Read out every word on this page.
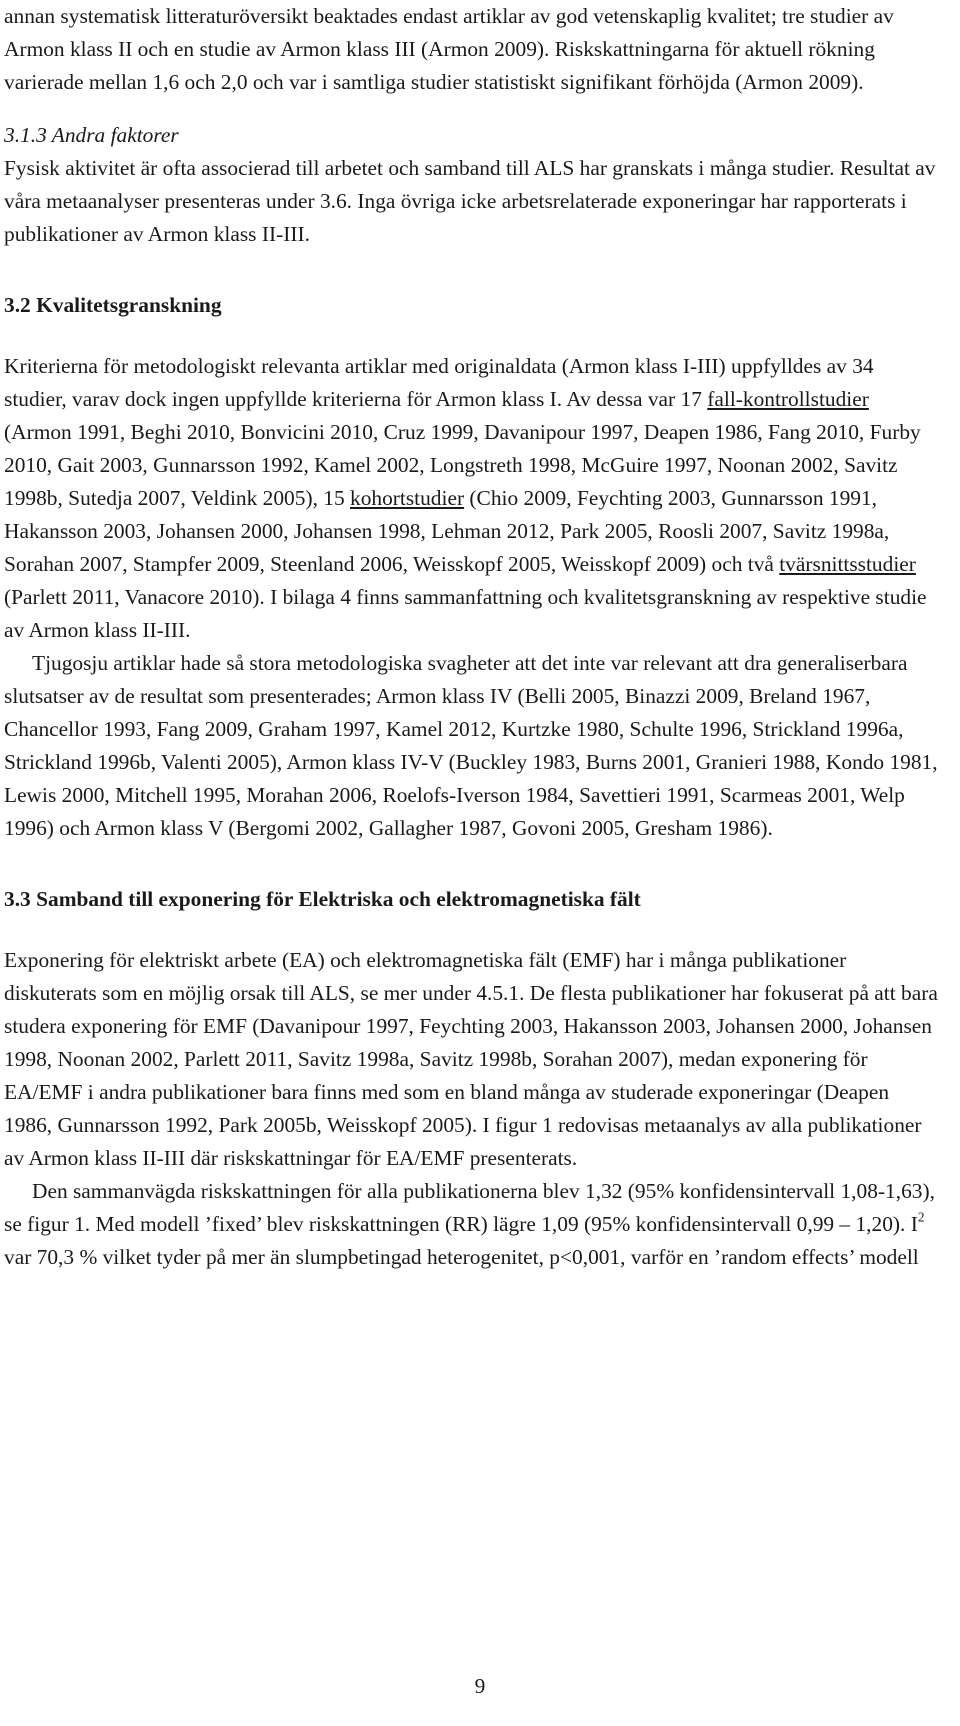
annan systematisk litteraturöversikt beaktades endast artiklar av god vetenskaplig kvalitet; tre studier av Armon klass II och en studie av Armon klass III (Armon 2009). Riskskattningarna för aktuell rökning varierade mellan 1,6 och 2,0 och var i samtliga studier statistiskt signifikant förhöjda (Armon 2009).

3.1.3 Andra faktorer

Fysisk aktivitet är ofta associerad till arbetet och samband till ALS har granskats i många studier. Resultat av våra metaanalyser presenteras under 3.6. Inga övriga icke arbetsrelaterade exponeringar har rapporterats i publikationer av Armon klass II-III.

3.2 Kvalitetsgranskning

Kriterierna för metodologiskt relevanta artiklar med originaldata (Armon klass I-III) uppfylldes av 34 studier, varav dock ingen uppfyllde kriterierna för Armon klass I. Av dessa var 17 fall-kontrollstudier (Armon 1991, Beghi 2010, Bonvicini 2010, Cruz 1999, Davanipour 1997, Deapen 1986, Fang 2010, Furby 2010, Gait 2003, Gunnarsson 1992, Kamel 2002, Longstreth 1998, McGuire 1997, Noonan 2002, Savitz 1998b, Sutedja 2007, Veldink 2005), 15 kohortstudier (Chio 2009, Feychting 2003, Gunnarsson 1991, Hakansson 2003, Johansen 2000, Johansen 1998, Lehman 2012, Park 2005, Roosli 2007, Savitz 1998a, Sorahan 2007, Stampfer 2009, Steenland 2006, Weisskopf 2005, Weisskopf 2009) och två tvärsnittsstudier (Parlett 2011, Vanacore 2010). I bilaga 4 finns sammanfattning och kvalitetsgranskning av respektive studie av Armon klass II-III.

Tjugosju artiklar hade så stora metodologiska svagheter att det inte var relevant att dra generaliserbara slutsatser av de resultat som presenterades; Armon klass IV (Belli 2005, Binazzi 2009, Breland 1967, Chancellor 1993, Fang 2009, Graham 1997, Kamel 2012, Kurtzke 1980, Schulte 1996, Strickland 1996a, Strickland 1996b, Valenti 2005), Armon klass IV-V (Buckley 1983, Burns 2001, Granieri 1988, Kondo 1981, Lewis 2000, Mitchell 1995, Morahan 2006, Roelofs-Iverson 1984, Savettieri 1991, Scarmeas 2001, Welp 1996) och Armon klass V (Bergomi 2002, Gallagher 1987, Govoni 2005, Gresham 1986).

3.3 Samband till exponering för Elektriska och elektromagnetiska fält

Exponering för elektriskt arbete (EA) och elektromagnetiska fält (EMF) har i många publikationer diskuterats som en möjlig orsak till ALS, se mer under 4.5.1. De flesta publikationer har fokuserat på att bara studera exponering för EMF (Davanipour 1997, Feychting 2003, Hakansson 2003, Johansen 2000, Johansen 1998, Noonan 2002, Parlett 2011, Savitz 1998a, Savitz 1998b, Sorahan 2007), medan exponering för EA/EMF i andra publikationer bara finns med som en bland många av studerade exponeringar (Deapen 1986, Gunnarsson 1992, Park 2005b, Weisskopf 2005). I figur 1 redovisas metaanalys av alla publikationer av Armon klass II-III där riskskattningar för EA/EMF presenterats.

Den sammanvägda riskskattningen för alla publikationerna blev 1,32 (95% konfidensintervall 1,08-1,63), se figur 1. Med modell ’fixed’ blev riskskattningen (RR) lägre 1,09 (95% konfidensintervall 0,99 – 1,20). $I^2$ var 70,3 % vilket tyder på mer än slumpbetingad heterogenitet, p<0,001, varför en ’random effects’ modell

9
